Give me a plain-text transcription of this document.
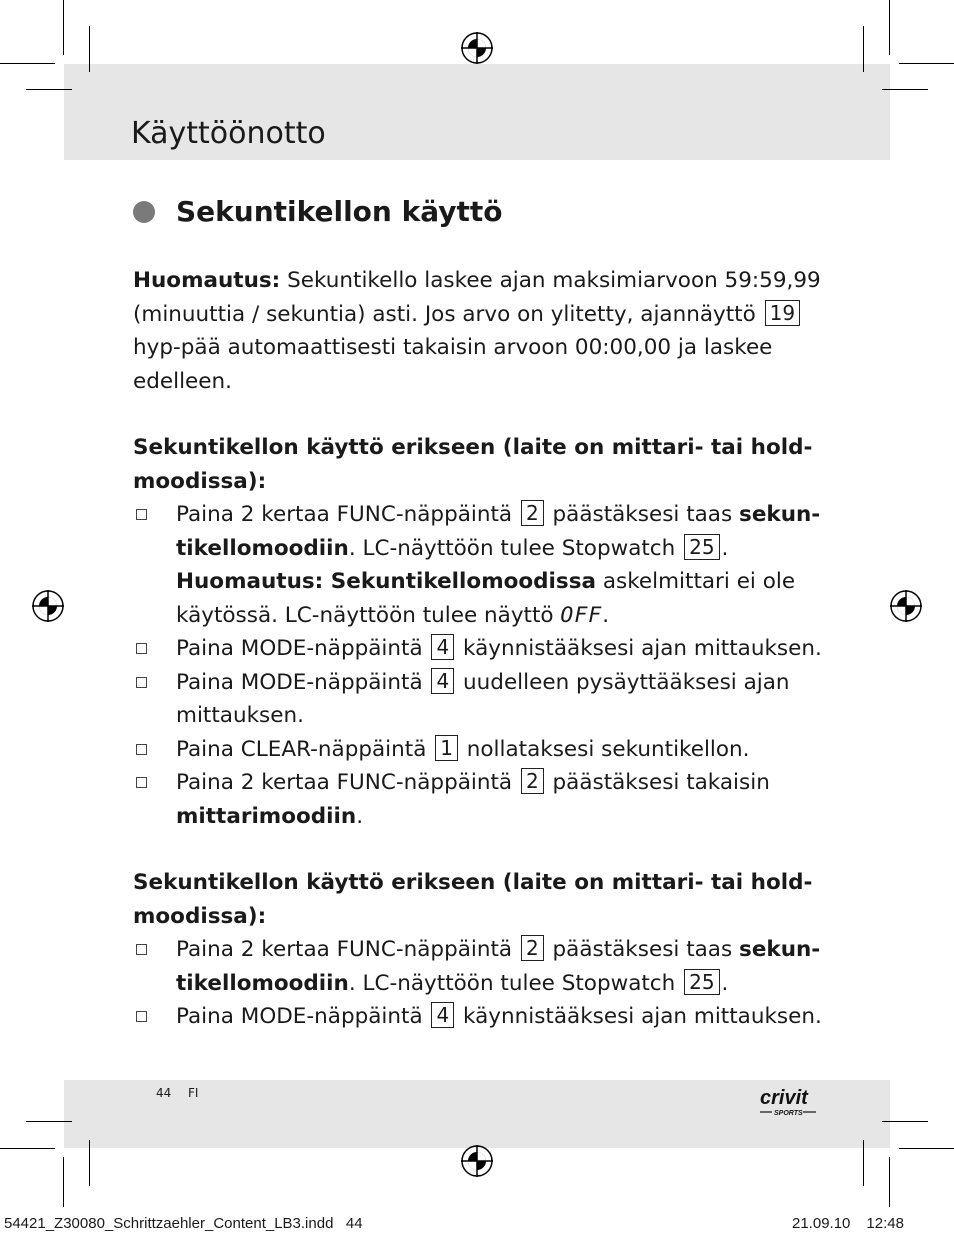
Käyttöönotto
Sekuntikellon käyttö

Huomautus: Sekuntikello laskee ajan maksimiarvoon 59:59,99 (minuuttia / sekuntia) asti. Jos arvo on ylitetty, ajannäyttö 19 hyp-pää automaattisesti takaisin arvoon 00:00,00 ja laskee edelleen.

Sekuntikellon käyttö erikseen (laite on mittari- tai hold-moodissa):

Paina 2 kertaa FUNC-näppäintä 2 päästäksesi taas sekun-tikellomoodiin. LC-näyttöön tulee Stopwatch 25 .
Huomautus: Sekuntikellomoodissa askelmittari ei ole käytössä. LC-näyttöön tulee näyttö OFF.

Paina MODE-näppäintä 4 käynnistääksesi ajan mittauksen.

Paina MODE-näppäintä 4 uudelleen pysäyttääksesi ajan mittauksen.

Paina CLEAR-näppäintä 1 nollataksesi sekuntikellon.

Paina 2 kertaa FUNC-näppäintä 2 päästäksesi takaisin mittarimoodiin.

Sekuntikellon käyttö erikseen (laite on mittari- tai hold-moodissa):

Paina 2 kertaa FUNC-näppäintä 2 päästäksesi taas sekun-tikellomoodiin. LC-näyttöön tulee Stopwatch 25 .

Paina MODE-näppäintä 4 käynnistääksesi ajan mittauksen.

44 FI	crivit
SPORTS
54421_Z30080_Schrittzaehler_Content_LB3.indd   44	21.09.10 12:48
